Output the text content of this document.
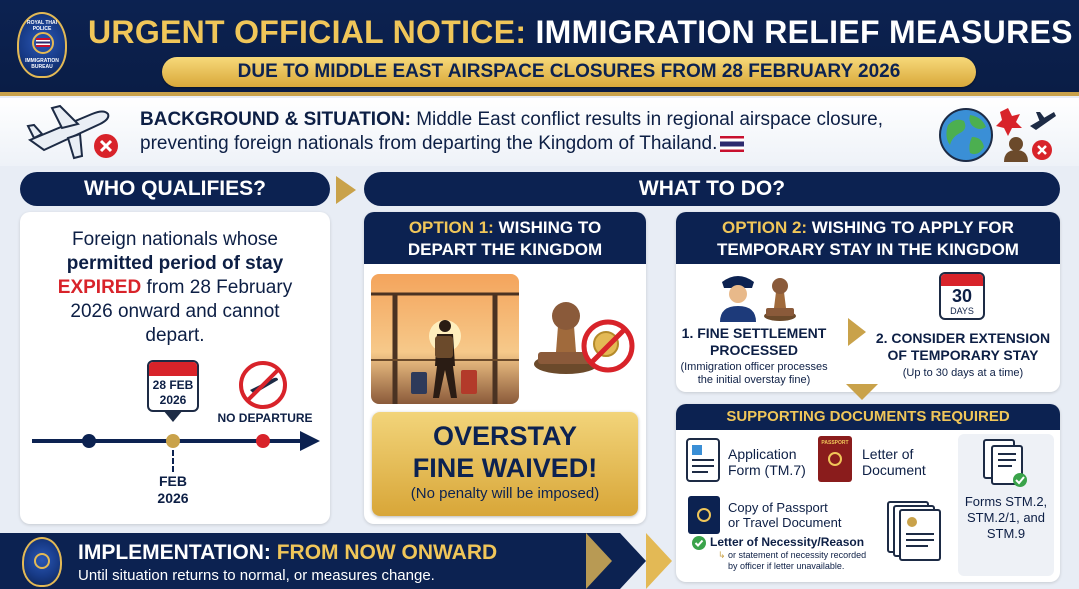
ROYAL THAI POLICE
IMMIGRATION BUREAU
URGENT OFFICIAL NOTICE: IMMIGRATION RELIEF MEASURES
DUE TO MIDDLE EAST AIRSPACE CLOSURES FROM 28 FEBRUARY 2026
BACKGROUND & SITUATION: Middle East conflict results in regional airspace closure,
preventing foreign nationals from departing the Kingdom of Thailand.
WHO QUALIFIES?
Foreign nationals whose
permitted period of stay
EXPIRED from 28 February
2026 onward and cannot
depart.
28 FEB
2026
NO DEPARTURE
FEB
2026
WHAT TO DO?
OPTION 1: WISHING TO
DEPART THE KINGDOM
OVERSTAY
FINE WAIVED!
(No penalty will be imposed)
OPTION 2: WISHING TO APPLY FOR
TEMPORARY STAY IN THE KINGDOM
1. FINE SETTLEMENT
PROCESSED
(Immigration officer processes
the initial overstay fine)
30
DAYS
2. CONSIDER EXTENSION
OF TEMPORARY STAY
(Up to 30 days at a time)
SUPPORTING DOCUMENTS REQUIRED
Application
Form (TM.7)
PASSPORT
Letter of
Document
Forms STM.2,
STM.2/1, and
STM.9
Copy of Passport
or Travel Document
Letter of Necessity/Reason
↳ or statement of necessity recorded
by officer if letter unavailable.
IMPLEMENTATION: FROM NOW ONWARD
Until situation returns to normal, or measures change.
